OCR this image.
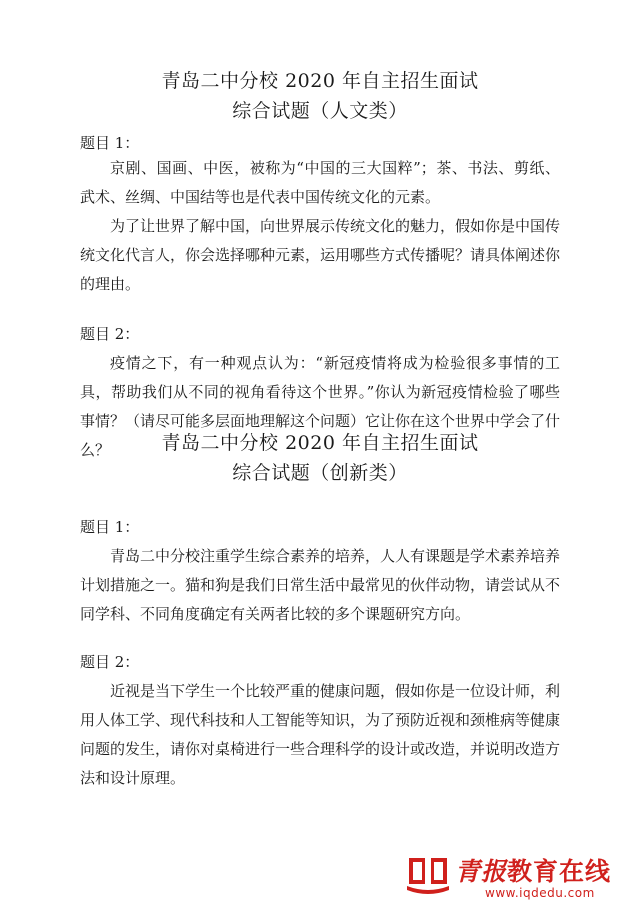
青岛二中分校 2020 年自主招生面试
综合试题（人文类）
题目 1：
京剧、国画、中医，被称为“中国的三大国粹”；茶、书法、剪纸、武术、丝绸、中国结等也是代表中国传统文化的元素。
为了让世界了解中国，向世界展示传统文化的魅力，假如你是中国传统文化代言人，你会选择哪种元素，运用哪些方式传播呢？请具体阐述你的理由。
题目 2：
疫情之下，有一种观点认为：“新冠疫情将成为检验很多事情的工具，帮助我们从不同的视角看待这个世界。”你认为新冠疫情检验了哪些事情？（请尽可能多层面地理解这个问题）它让你在这个世界中学会了什么？	青岛二中分校 2020 年自主招生面试
综合试题（创新类）
题目 1：
青岛二中分校注重学生综合素养的培养，人人有课题是学术素养培养计划措施之一。猫和狗是我们日常生活中最常见的伙伴动物，请尝试从不同学科、不同角度确定有关两者比较的多个课题研究方向。
题目 2：
近视是当下学生一个比较严重的健康问题，假如你是一位设计师，利用人体工学、现代科技和人工智能等知识，为了预防近视和颈椎病等健康问题的发生，请你对桌椅进行一些合理科学的设计或改造，并说明改造方法和设计原理。
青报教育在线
www.iqdedu.com
